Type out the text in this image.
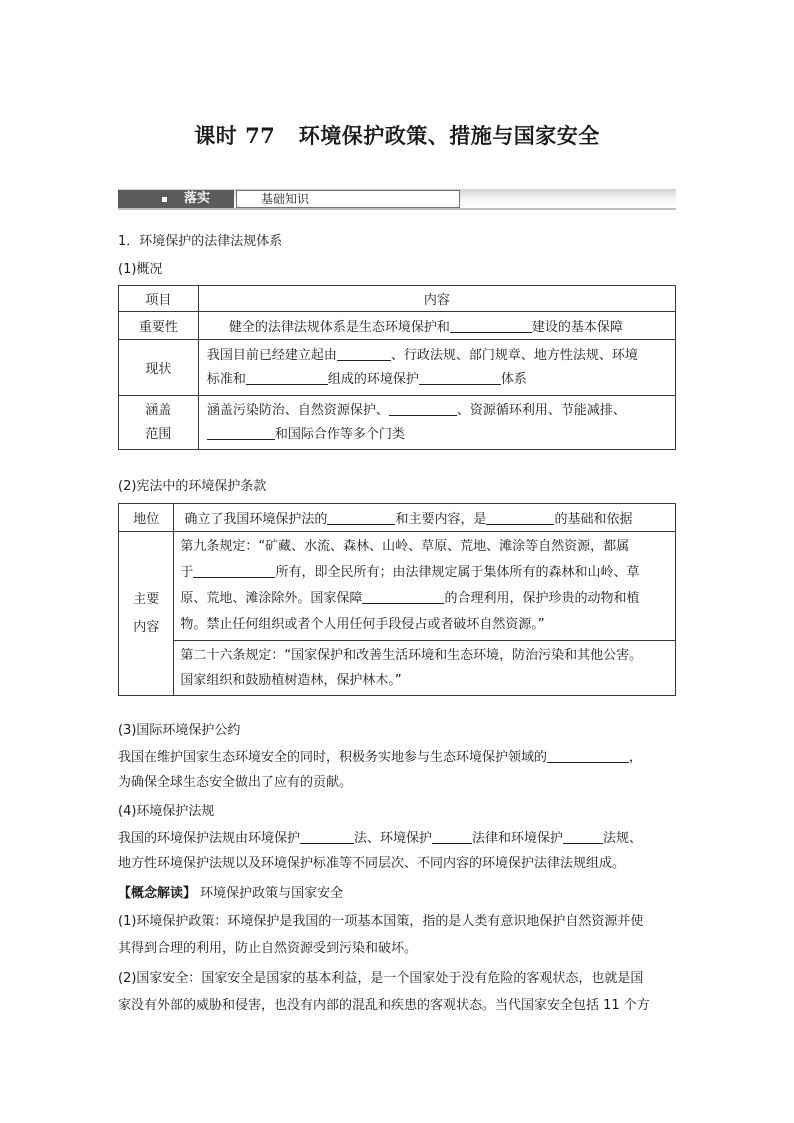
课时 77 环境保护政策、措施与国家安全
落实	基础知识
1．环境保护的法律法规体系
(1)概况
项目	内容
重要性	健全的法律法规体系是生态环境保护和 建设的基本保障
现状	我国目前已经建立起由 、行政法规、部门规章、地方性法规、环境
标准和 组成的环境保护 体系
涵盖
范围	涵盖污染防治、自然资源保护、 、资源循环利用、节能减排、
和国际合作等多个门类
(2)宪法中的环境保护条款
地位	确立了我国环境保护法的 和主要内容，是 的基础和依据
主要
内容	第九条规定：“矿藏、水流、森林、山岭、草原、荒地、滩涂等自然资源，都属
于 所有，即全民所有；由法律规定属于集体所有的森林和山岭、草
原、荒地、滩涂除外。国家保障 的合理利用，保护珍贵的动物和植
物。禁止任何组织或者个人用任何手段侵占或者破坏自然资源。”
	第二十六条规定：“国家保护和改善生活环境和生态环境，防治污染和其他公害。
国家组织和鼓励植树造林，保护林木。”
(3)国际环境保护公约
我国在维护国家生态环境安全的同时，积极务实地参与生态环境保护领域的	，
为确保全球生态安全做出了应有的贡献。
(4)环境保护法规
我国的环境保护法规由环境保护	法、环境保护	法律和环境保护	法规、
地方性环境保护法规以及环境保护标准等不同层次、不同内容的环境保护法律法规组成。
【概念解读】 环境保护政策与国家安全
(1)环境保护政策：环境保护是我国的一项基本国策，指的是人类有意识地保护自然资源并使
其得到合理的利用，防止自然资源受到污染和破坏。
(2)国家安全：国家安全是国家的基本利益，是一个国家处于没有危险的客观状态，也就是国
家没有外部的威胁和侵害，也没有内部的混乱和疾患的客观状态。当代国家安全包括 11 个方
